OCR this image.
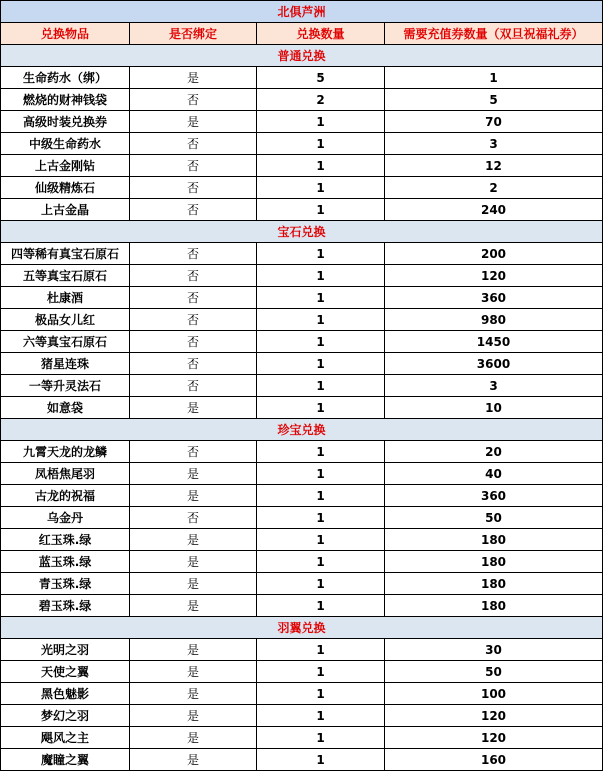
北俱芦洲			
兑换物品	是否绑定	兑换数量	需要充值券数量（双旦祝福礼券）
普通兑换			
生命药水（绑）	是	5	1
燃烧的财神钱袋	否	2	5
高级时装兑换券	是	1	70
中级生命药水	否	1	3
上古金刚钻	否	1	12
仙级精炼石	否	1	2
上古金晶	否	1	240
宝石兑换			
四等稀有真宝石原石	否	1	200
五等真宝石原石	否	1	120
杜康酒	否	1	360
极品女儿红	否	1	980
六等真宝石原石	否	1	1450
猪星连珠	否	1	3600
一等升灵法石	否	1	3
如意袋	是	1	10
珍宝兑换			
九霄天龙的龙鳞	否	1	20
凤梧焦尾羽	是	1	40
古龙的祝福	是	1	360
乌金丹	否	1	50
红玉珠.绿	是	1	180
蓝玉珠.绿	是	1	180
青玉珠.绿	是	1	180
碧玉珠.绿	是	1	180
羽翼兑换			
光明之羽	是	1	30
天使之翼	是	1	50
黑色魅影	是	1	100
梦幻之羽	是	1	120
飓风之主	是	1	120
魔瞳之翼	是	1	160
